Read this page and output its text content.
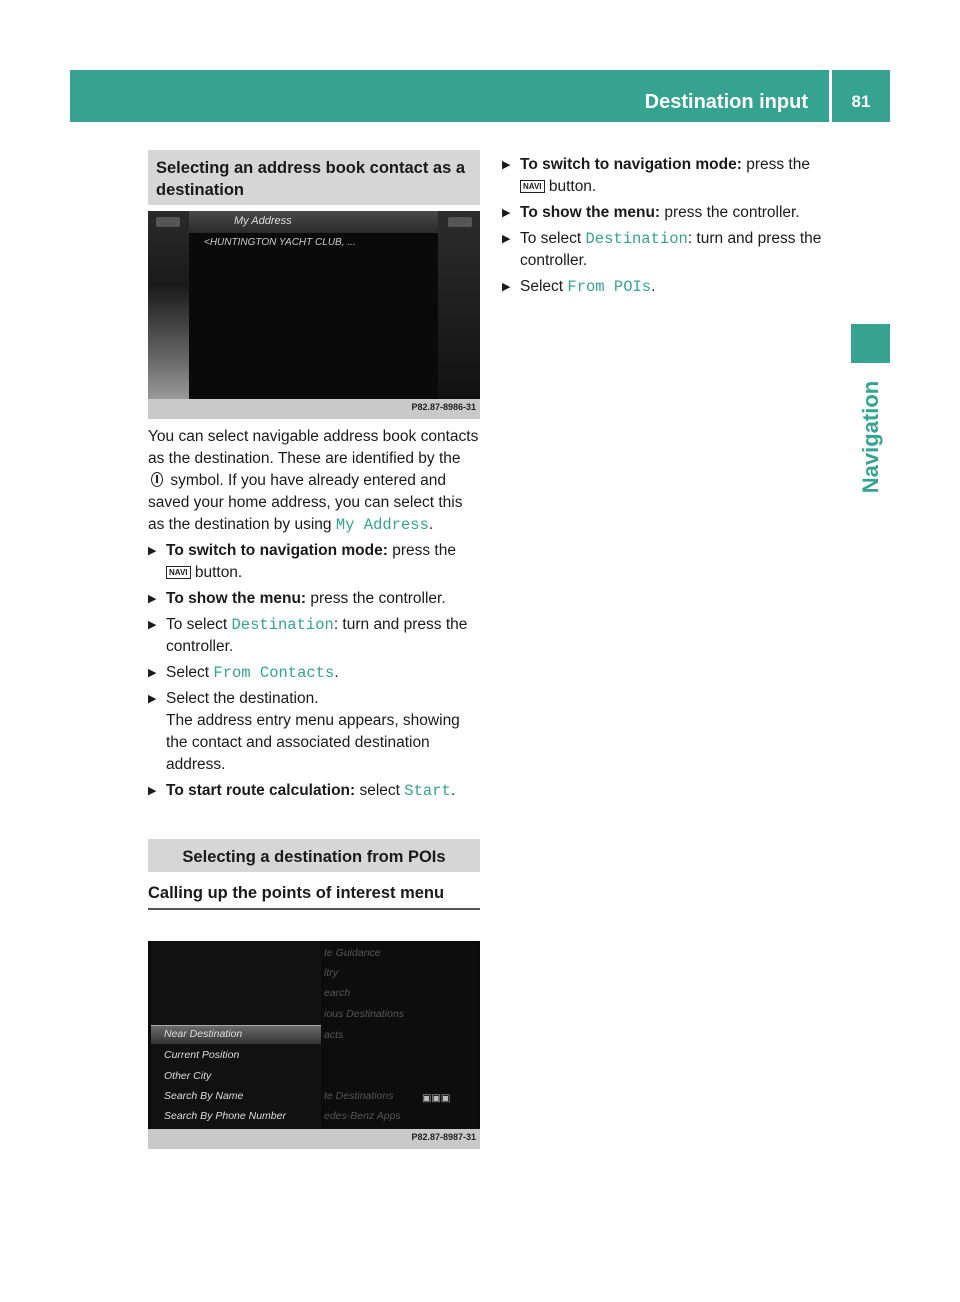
Destination input	81
Navigation
Selecting an address book contact as a destination

You can select navigable address book contacts as the destination. These are identified by the  symbol. If you have already entered and saved your home address, you can select this as the destination by using My Address.

▶ To switch to navigation mode: press the
NAVI button.
▶ To show the menu: press the controller.
▶ To select Destination: turn and press the controller.
▶ Select From Contacts.
▶ Select the destination.
The address entry menu appears, showing the contact and associated destination address.
▶ To start route calculation: select Start.
Selecting a destination from POIs
Calling up the points of interest menu
My Address
<HUNTINGTON YACHT CLUB, ...
P82.87-8986-31
Near Destination
Current Position
Other City
Search By Name
Search By Phone Number
te Guidance
ltry
earch
ious Destinations
acts
te Destinations
edes-Benz Apps
▣▣▣
P82.87-8987-31
▶ To switch to navigation mode: press the
NAVI button.
▶ To show the menu: press the controller.
▶ To select Destination: turn and press the controller.
▶ Select From POIs.
